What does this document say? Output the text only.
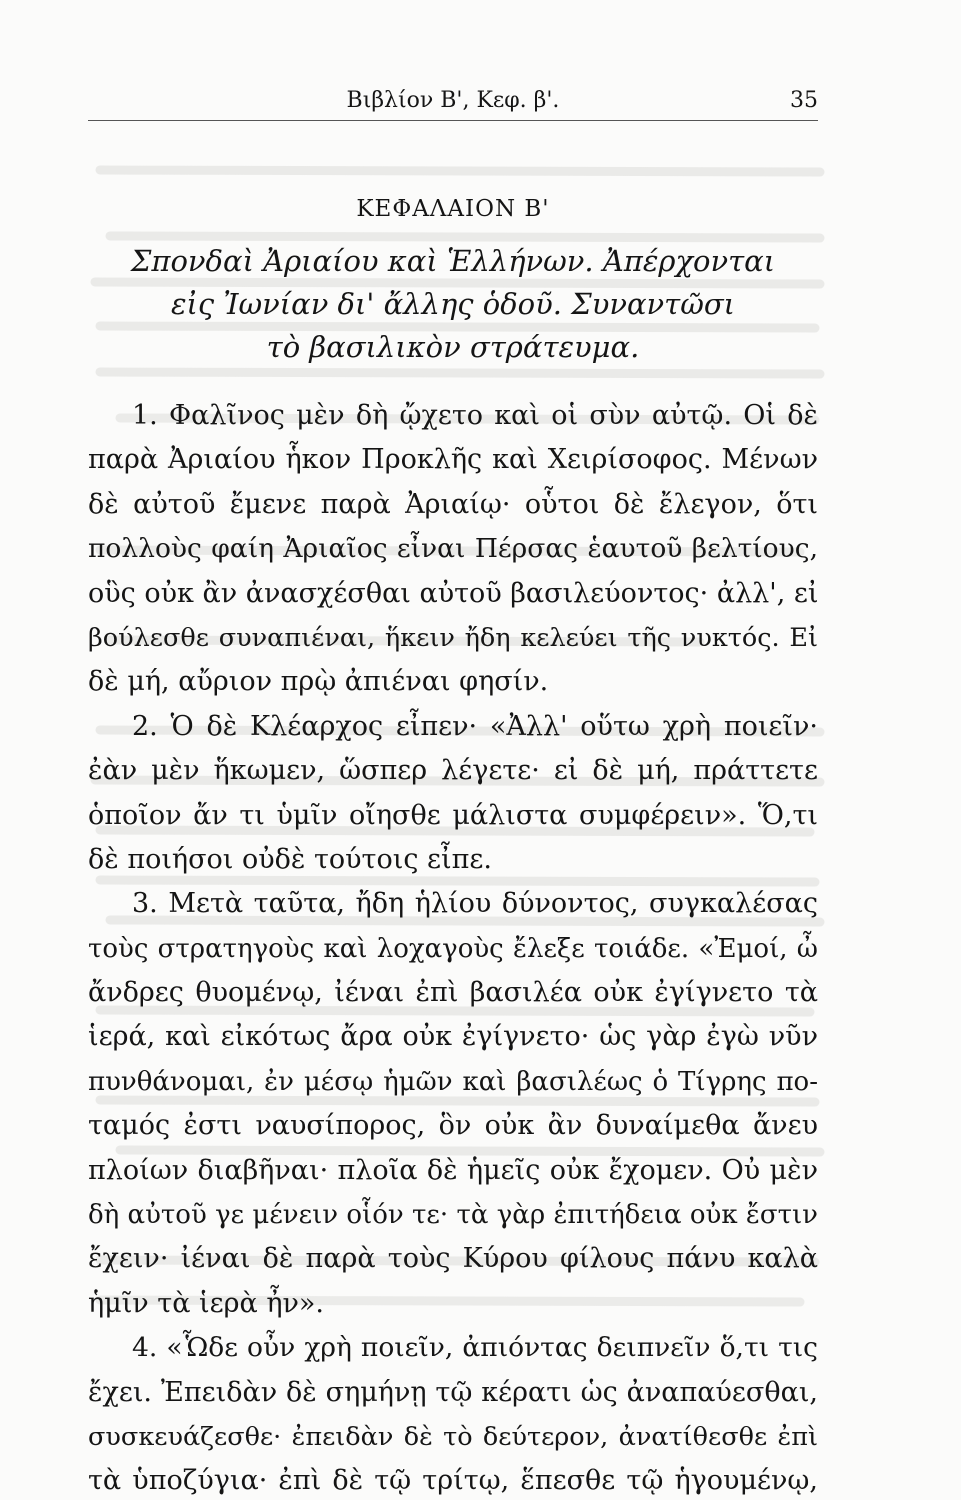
Βιβλίον Β', Κεφ. β'.	35
ΚΕΦΑΛΑΙΟΝ Β'
Σπονδαὶ Ἀριαίου καὶ Ἑλλήνων. Ἀπέρχονται
εἰς Ἰωνίαν δι' ἄλλης ὁδοῦ. Συναντῶσι
τὸ βασιλικὸν στράτευμα.
1. Φαλῖνος μὲν δὴ ᾤχετο καὶ οἱ σὺν αὐτῷ. Οἱ δὲ
παρὰ Ἀριαίου ἧκον Προκλῆς καὶ Χειρίσοφος. Μένων
δὲ αὐτοῦ ἔμενε παρὰ Ἀριαίῳ· οὗτοι δὲ ἔλεγον, ὅτι
πολλοὺς φαίη Ἀριαῖος εἶναι Πέρσας ἑαυτοῦ βελτίους,
οὓς οὐκ ἂν ἀνασχέσθαι αὐτοῦ βασιλεύοντος· ἀλλ', εἰ
βούλεσθε συναπιέναι, ἥκειν ἤδη κελεύει τῆς νυκτός. Εἰ
δὲ μή, αὔριον πρῲ ἀπιέναι φησίν.
2. Ὁ δὲ Κλέαρχος εἶπεν· «Ἀλλ' οὕτω χρὴ ποιεῖν·
ἐὰν μὲν ἥκωμεν, ὥσπερ λέγετε· εἰ δὲ μή, πράττετε
ὁποῖον ἄν τι ὑμῖν οἴησθε μάλιστα συμφέρειν». Ὅ,τι
δὲ ποιήσοι οὐδὲ τούτοις εἶπε.
3. Μετὰ ταῦτα, ἤδη ἡλίου δύνοντος, συγκαλέσας
τοὺς στρατηγοὺς καὶ λοχαγοὺς ἔλεξε τοιάδε. «Ἐμοί, ὦ
ἄνδρες θυομένῳ, ἰέναι ἐπὶ βασιλέα οὐκ ἐγίγνετο τὰ
ἱερά, καὶ εἰκότως ἄρα οὐκ ἐγίγνετο· ὡς γὰρ ἐγὼ νῦν
πυνθάνομαι, ἐν μέσῳ ἡμῶν καὶ βασιλέως ὁ Τίγρης πο-
ταμός ἐστι ναυσίπορος, ὃν οὐκ ἂν δυναίμεθα ἄνευ
πλοίων διαβῆναι· πλοῖα δὲ ἡμεῖς οὐκ ἔχομεν. Οὐ μὲν
δὴ αὐτοῦ γε μένειν οἷόν τε· τὰ γὰρ ἐπιτήδεια οὐκ ἔστιν
ἔχειν· ἰέναι δὲ παρὰ τοὺς Κύρου φίλους πάνυ καλὰ
ἡμῖν τὰ ἱερὰ ἦν».
4. «Ὧδε οὖν χρὴ ποιεῖν, ἀπιόντας δειπνεῖν ὅ,τι τις
ἔχει. Ἐπειδὰν δὲ σημήνῃ τῷ κέρατι ὡς ἀναπαύεσθαι,
συσκευάζεσθε· ἐπειδὰν δὲ τὸ δεύτερον, ἀνατίθεσθε ἐπὶ
τὰ ὑποζύγια· ἐπὶ δὲ τῷ τρίτῳ, ἕπεσθε τῷ ἡγουμένῳ,
